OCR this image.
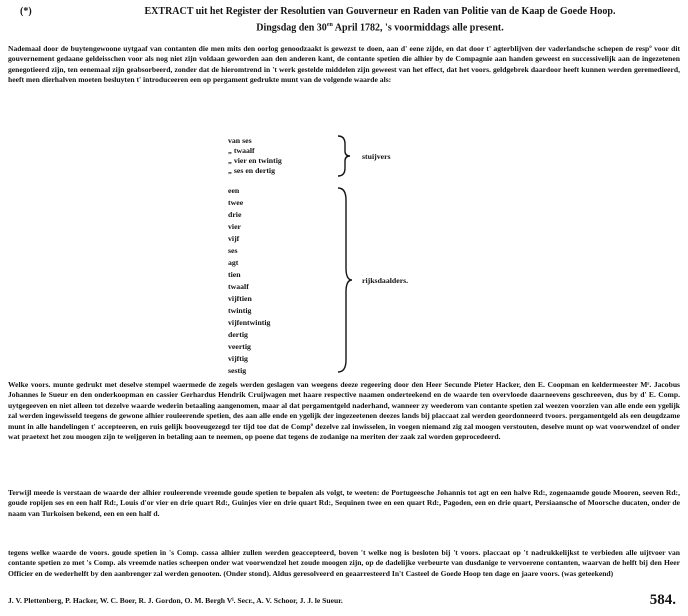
(*)	EXTRACT uit het Register der Resolutien van Gouverneur en Raden van Politie van de Kaap de Goede Hoop.
Dingsdag den $30^{en}$ April 1782, 's voormiddags alle present.

Nademaal door de buytengewoone uytgaaf van contanten die men mits den oorlog genoodzaakt is gewezst te doen, aan d' eene zijde, en dat door t' agterblijven der vaderlandsche schepen de respº voor dit gouvernement gedaane geldeisschen voor als nog niet zijn voldaan geworden aan den anderen kant, de contante spetien die alhier by de Compagnie aan handen geweest en successivelijk aan de ingezetenen genegotieerd zijn, ten eenemaal zijn geabsorbeerd, zonder dat de hieromtrend in 't werk gestelde middelen zijn geweest van het effect, dat het voors. geldgebrek daardoor heeft kunnen werden geremedieerd, heeft men dierhalven moeten besluyten t' introduceeren een op pergament gedrukte munt van de volgende waarde als:

van ses
„ twaalf
„ vier en twintig
„ ses en dertig
stuijvers
een
twee
drie
vier
vijf
ses
agt
tien
twaalf
vijftien
twintig
vijfentwintig
dertig
veertig
vijftig
sestig
rijksdaalders.

Welke voors. munte gedrukt met deselve stempel waermede de zegels werden geslagen van weegens deeze regeering door den Heer Secunde Pieter Hacker, den E. Coopman en keldermeester Mʳ. Jacobus Johannes le Sueur en den onderkoopman en cassier Gerhardus Hendrik Cruijwagen met haare respective naamen onderteekend en de waarde ten overvloede daarneevens geschreeven, dus by d' E. Comp. uytgegeeven en niet alleen tot dezelve waarde wederin betaaling aangenomen, maar al dat pergamentgeld naderhand, wanneer zy weederom van contante spetien zal weezen voorzien van alle ende een ygelijk zal werden ingewisseld teegens de gewone alhier rouleerende spetien, des aan alle ende en ygelijk der ingezeetenen deezes lands bij placcaat zal werden geordonneerd tvoors. pergamentgeld als een deugdzame munt in alle handelingen t' accepteeren, en ruis gelijk booveugezegd ter tijd toe dat de Compº dezelve zal inwisselen, in voegen niemand zig zal moogen verstouten, deselve munt op wat voorwendzel of onder wat praetext het zou moogen zijn te weijgeren in betaling aan te neemen, op poene dat tegens de zodanige na meriten der zaak zal worden geprocedeerd.

Terwijl meede is verstaan de waarde der alhier rouleerende vreemde goude spetien te bepalen als volgt, te weeten: de Portugeesche Johannis tot agt en een halve Rd:, zogenaamde goude Mooren, seeven Rd:, goude ropijen ses en een half Rd:, Louis d'or vier en drie quart Rd:, Guinjes vier en drie quart Rd:, Sequinen twee en een quart Rd:, Pagoden, een en drie quart, Persiaansche of Moorsche ducaten, onder de naam van Turkoisen bekend, een en een half d.

tegens welke waarde de voors. goude spetien in 's Comp. cassa alhier zullen werden geaccepteerd, boven 't welke nog is besloten bij 't voors. placcaat op 't nadrukkelijkst te verbieden alle uijtvoer van contante spetien zo met 's Comp. als vreemde naties scheepen onder wat voorwendzel het zoude moogen zijn, op de dadelijke verbeurte van dusdanige te vervoerene contanten, waarvan de helft bij den Heer Officier en de wederhelft by den aanbrenger zal werden genooten. (Onder stond). Aldus geresolveerd en geaarresteerd In't Casteel de Goede Hoop ten dage en jaare voors. (was geteekend)

J. V. Plettenberg, P. Hacker, W. C. Boer, R. J. Gordon, O. M. Bergh Vˡ. Secr., A. V. Schoor, J. J. le Sueur.	584.
